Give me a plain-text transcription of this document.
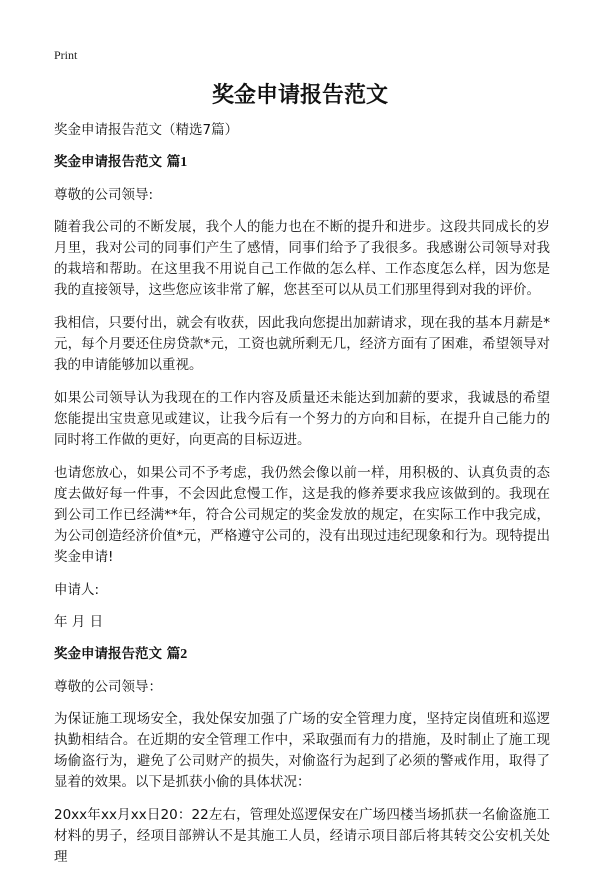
Print
奖金申请报告范文
奖金申请报告范文（精选7篇）
奖金申请报告范文 篇1
尊敬的公司领导:

随着我公司的不断发展，我个人的能力也在不断的提升和进步。这段共同成长的岁月里，我对公司的同事们产生了感情，同事们给予了我很多。我感谢公司领导对我的栽培和帮助。在这里我不用说自己工作做的怎么样、工作态度怎么样，因为您是我的直接领导，这些您应该非常了解，您甚至可以从员工们那里得到对我的评价。

我相信，只要付出，就会有收获，因此我向您提出加薪请求，现在我的基本月薪是*元，每个月要还住房贷款*元，工资也就所剩无几，经济方面有了困难，希望领导对我的申请能够加以重视。

如果公司领导认为我现在的工作内容及质量还未能达到加薪的要求，我诚恳的希望您能提出宝贵意见或建议，让我今后有一个努力的方向和目标，在提升自己能力的同时将工作做的更好，向更高的目标迈进。

也请您放心，如果公司不予考虑，我仍然会像以前一样，用积极的、认真负责的态度去做好每一件事，不会因此怠慢工作，这是我的修养要求我应该做到的。我现在到公司工作已经满**年，符合公司规定的奖金发放的规定，在实际工作中我完成，为公司创造经济价值*元，严格遵守公司的，没有出现过违纪现象和行为。现特提出奖金申请!

申请人:
年 月 日
奖金申请报告范文 篇2
尊敬的公司领导：

为保证施工现场安全，我处保安加强了广场的安全管理力度，坚持定岗值班和巡逻执勤相结合。在近期的安全管理工作中，采取强而有力的措施，及时制止了施工现场偷盗行为，避免了公司财产的损失，对偷盗行为起到了必须的警戒作用，取得了显着的效果。以下是抓获小偷的具体状况：

20xx年xx月xx日20：22左右，管理处巡逻保安在广场四楼当场抓获一名偷盗施工材料的男子，经项目部辨认不是其施工人员，经请示项目部后将其转交公安机关处理
